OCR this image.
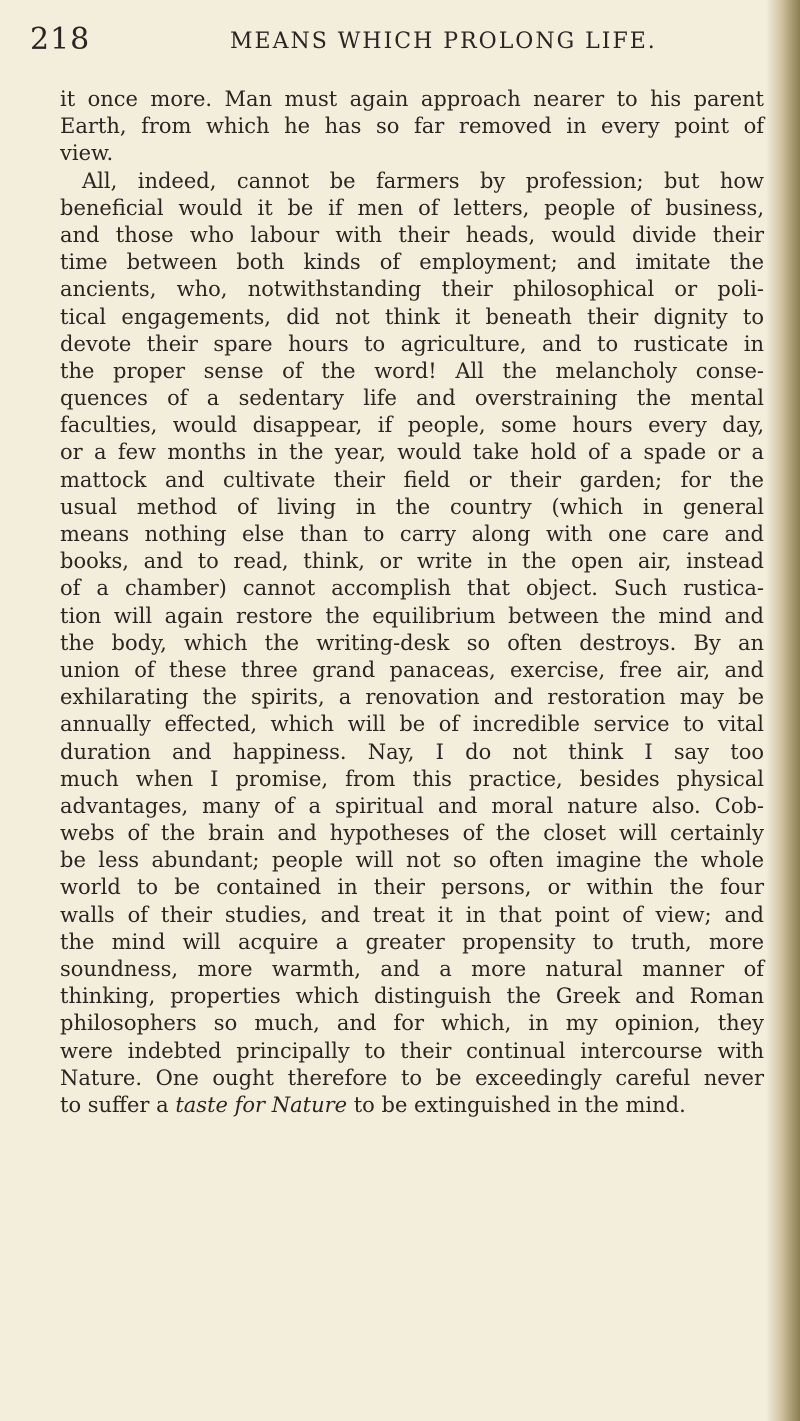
218	MEANS WHICH PROLONG LIFE.
it once more. Man must again approach nearer to his parent
Earth, from which he has so far removed in every point of
view.
All, indeed, cannot be farmers by profession; but how
beneficial would it be if men of letters, people of business,
and those who labour with their heads, would divide their
time between both kinds of employment; and imitate the
ancients, who, notwithstanding their philosophical or poli-
tical engagements, did not think it beneath their dignity to
devote their spare hours to agriculture, and to rusticate in
the proper sense of the word! All the melancholy conse-
quences of a sedentary life and overstraining the mental
faculties, would disappear, if people, some hours every day,
or a few months in the year, would take hold of a spade or a
mattock and cultivate their field or their garden; for the
usual method of living in the country (which in general
means nothing else than to carry along with one care and
books, and to read, think, or write in the open air, instead
of a chamber) cannot accomplish that object. Such rustica-
tion will again restore the equilibrium between the mind and
the body, which the writing-desk so often destroys. By an
union of these three grand panaceas, exercise, free air, and
exhilarating the spirits, a renovation and restoration may be
annually effected, which will be of incredible service to vital
duration and happiness. Nay, I do not think I say too
much when I promise, from this practice, besides physical
advantages, many of a spiritual and moral nature also. Cob-
webs of the brain and hypotheses of the closet will certainly
be less abundant; people will not so often imagine the whole
world to be contained in their persons, or within the four
walls of their studies, and treat it in that point of view; and
the mind will acquire a greater propensity to truth, more
soundness, more warmth, and a more natural manner of
thinking, properties which distinguish the Greek and Roman
philosophers so much, and for which, in my opinion, they
were indebted principally to their continual intercourse with
Nature. One ought therefore to be exceedingly careful never
to suffer a taste for Nature to be extinguished in the mind.
